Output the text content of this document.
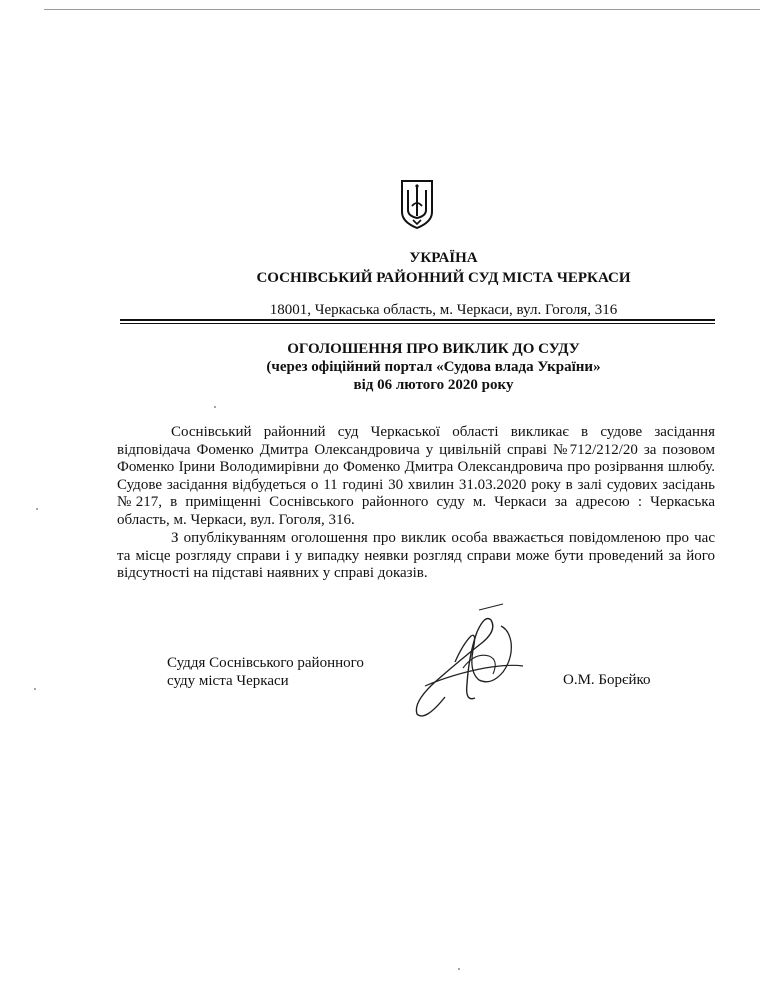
УКРАЇНА
СОСНІВСЬКИЙ РАЙОННИЙ СУД МІСТА ЧЕРКАСИ
18001, Черкаська область, м. Черкаси, вул. Гоголя, 316
ОГОЛОШЕННЯ ПРО ВИКЛИК ДО СУДУ
(через офіційний портал «Судова влада України»
від 06 лютого 2020 року

Соснівський районний суд Черкаської області викликає в судове засідання відповідача Фоменко Дмитра Олександровича у цивільній справі №712/212/20 за позовом Фоменко Ірини Володимирівни до Фоменко Дмитра Олександровича про розірвання шлюбу. Судове засідання відбудеться о 11 годині 30 хвилин 31.03.2020 року в залі судових засідань №217, в приміщенні Соснівського районного суду м. Черкаси за адресою : Черкаська область, м. Черкаси, вул. Гоголя, 316.

З опублікуванням оголошення про виклик особа вважається повідомленою про час та місце розгляду справи і у випадку неявки розгляд справи може бути проведений за його відсутності на підставі наявних у справі доказів.

Суддя Соснівського районного
суду міста Черкаси	О.М. Борєйко
